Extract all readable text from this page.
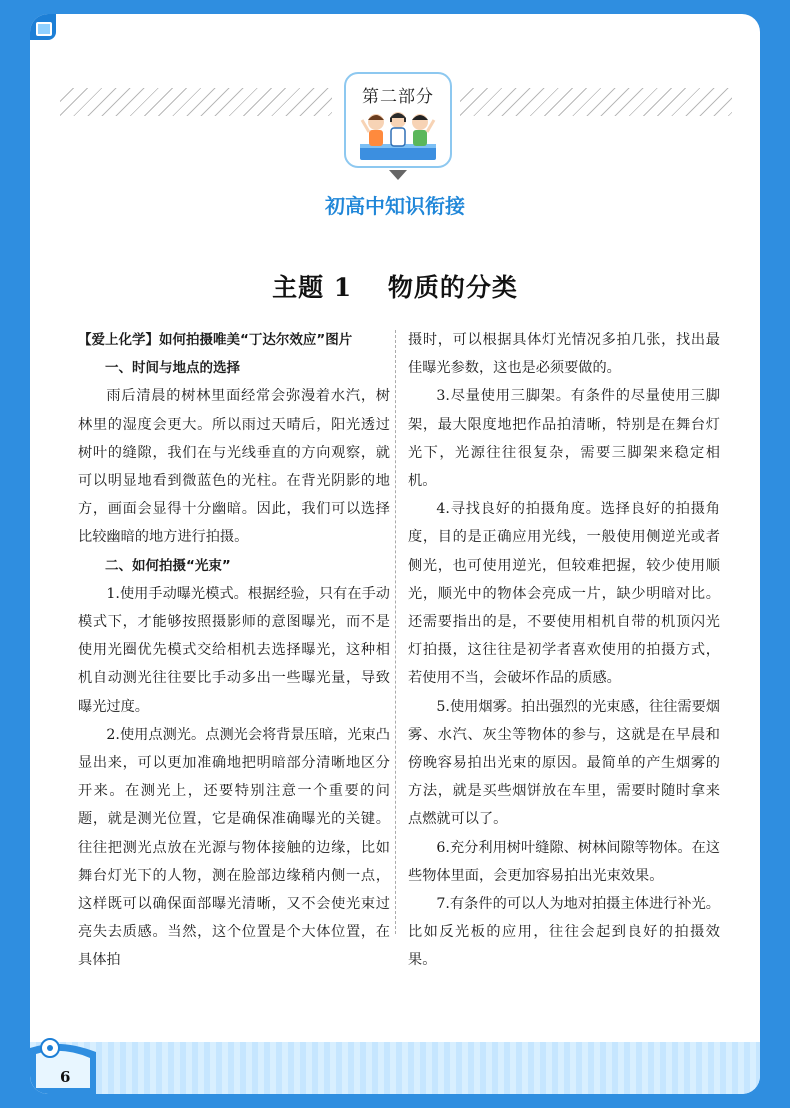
第二部分
初高中知识衔接
主题 1　 物质的分类

【爱上化学】如何拍摄唯美“丁达尔效应”图片

一、时间与地点的选择

雨后清晨的树林里面经常会弥漫着水汽，树林里的湿度会更大。所以雨过天晴后，阳光透过树叶的缝隙，我们在与光线垂直的方向观察，就可以明显地看到微蓝色的光柱。在背光阴影的地方，画面会显得十分幽暗。因此，我们可以选择比较幽暗的地方进行拍摄。

二、如何拍摄“光束”

1.使用手动曝光模式。根据经验，只有在手动模式下，才能够按照摄影师的意图曝光，而不是使用光圈优先模式交给相机去选择曝光，这种相机自动测光往往要比手动多出一些曝光量，导致曝光过度。

2.使用点测光。点测光会将背景压暗，光束凸显出来，可以更加准确地把明暗部分清晰地区分开来。在测光上，还要特别注意一个重要的问题，就是测光位置，它是确保准确曝光的关键。往往把测光点放在光源与物体接触的边缘，比如舞台灯光下的人物，测在脸部边缘稍内侧一点，这样既可以确保面部曝光清晰，又不会使光束过亮失去质感。当然，这个位置是个大体位置，在具体拍

摄时，可以根据具体灯光情况多拍几张，找出最佳曝光参数，这也是必须要做的。

3.尽量使用三脚架。有条件的尽量使用三脚架，最大限度地把作品拍清晰，特别是在舞台灯光下，光源往往很复杂，需要三脚架来稳定相机。

4.寻找良好的拍摄角度。选择良好的拍摄角度，目的是正确应用光线，一般使用侧逆光或者侧光，也可使用逆光，但较难把握，较少使用顺光，顺光中的物体会亮成一片，缺少明暗对比。还需要指出的是，不要使用相机自带的机顶闪光灯拍摄，这往往是初学者喜欢使用的拍摄方式，若使用不当，会破坏作品的质感。

5.使用烟雾。拍出强烈的光束感，往往需要烟雾、水汽、灰尘等物体的参与，这就是在早晨和傍晚容易拍出光束的原因。最简单的产生烟雾的方法，就是买些烟饼放在车里，需要时随时拿来点燃就可以了。

6.充分利用树叶缝隙、树林间隙等物体。在这些物体里面，会更加容易拍出光束效果。

7.有条件的可以人为地对拍摄主体进行补光。比如反光板的应用，往往会起到良好的拍摄效果。

6
